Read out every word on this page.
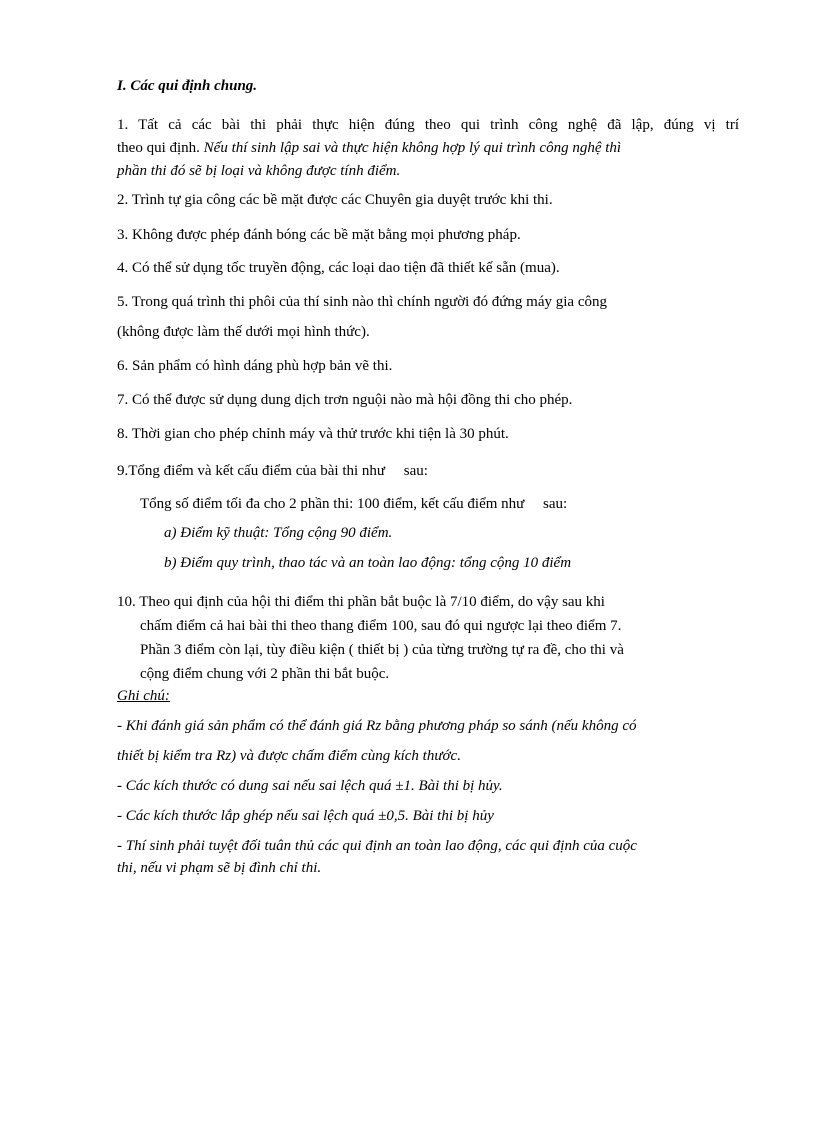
I. Các qui định chung.
1. Tất cả các bài thi phải thực hiện đúng theo qui trình công nghệ đã lập, đúng vị trí
theo qui định. Nếu thí sinh lập sai và thực hiện không hợp lý qui trình công nghệ thì
phần thi đó sẽ bị loại và không được tính điểm.
2. Trình tự gia công các bề mặt được các Chuyên gia duyệt trước khi thi.
3. Không được phép đánh bóng các bề mặt bằng mọi phương pháp.
4. Có thể sử dụng tốc truyền động, các loại dao tiện đã thiết kế sẵn (mua).
5. Trong quá trình thi phôi của thí sinh nào thì chính người đó đứng máy gia công
(không được làm thế dưới mọi hình thức).
6. Sản phẩm có hình dáng phù hợp bản vẽ thi.
7. Có thể được sử dụng dung dịch trơn nguội nào mà hội đồng thi cho phép.
8. Thời gian cho phép chỉnh máy và thử trước khi tiện là 30 phút.
9.Tổng điểm và kết cấu điểm của bài thi như     sau:
Tổng số điểm tối đa cho 2 phần thi: 100 điểm, kết cấu điểm như     sau:
a) Điểm kỹ thuật: Tổng cộng 90 điểm.
b) Điểm quy trình, thao tác và an toàn lao động: tổng cộng 10 điểm
10. Theo qui định của hội thi điểm thi phần bắt buộc là 7/10 điểm, do vậy sau khi
chấm điểm cả hai bài thi theo thang điểm 100, sau đó qui ngược lại theo điểm 7.
Phần 3 điểm còn lại, tùy điều kiện ( thiết bị ) của từng trường tự ra đề, cho thi và
cộng điểm chung với 2 phần thi bắt buộc.
Ghi chú:
- Khi đánh giá sản phẩm có thể đánh giá Rz bằng phương pháp so sánh (nếu không có
thiết bị kiểm tra Rz) và được chấm điểm cùng kích thước.
- Các kích thước có dung sai nếu sai lệch quá ±1. Bài thi bị hủy.
- Các kích thước lắp ghép nếu sai lệch quá ±0,5. Bài thi bị hủy
- Thí sinh phải tuyệt đối tuân thủ các qui định an toàn lao động, các qui định của cuộc
thi, nếu vi phạm sẽ bị đình chỉ thi.
